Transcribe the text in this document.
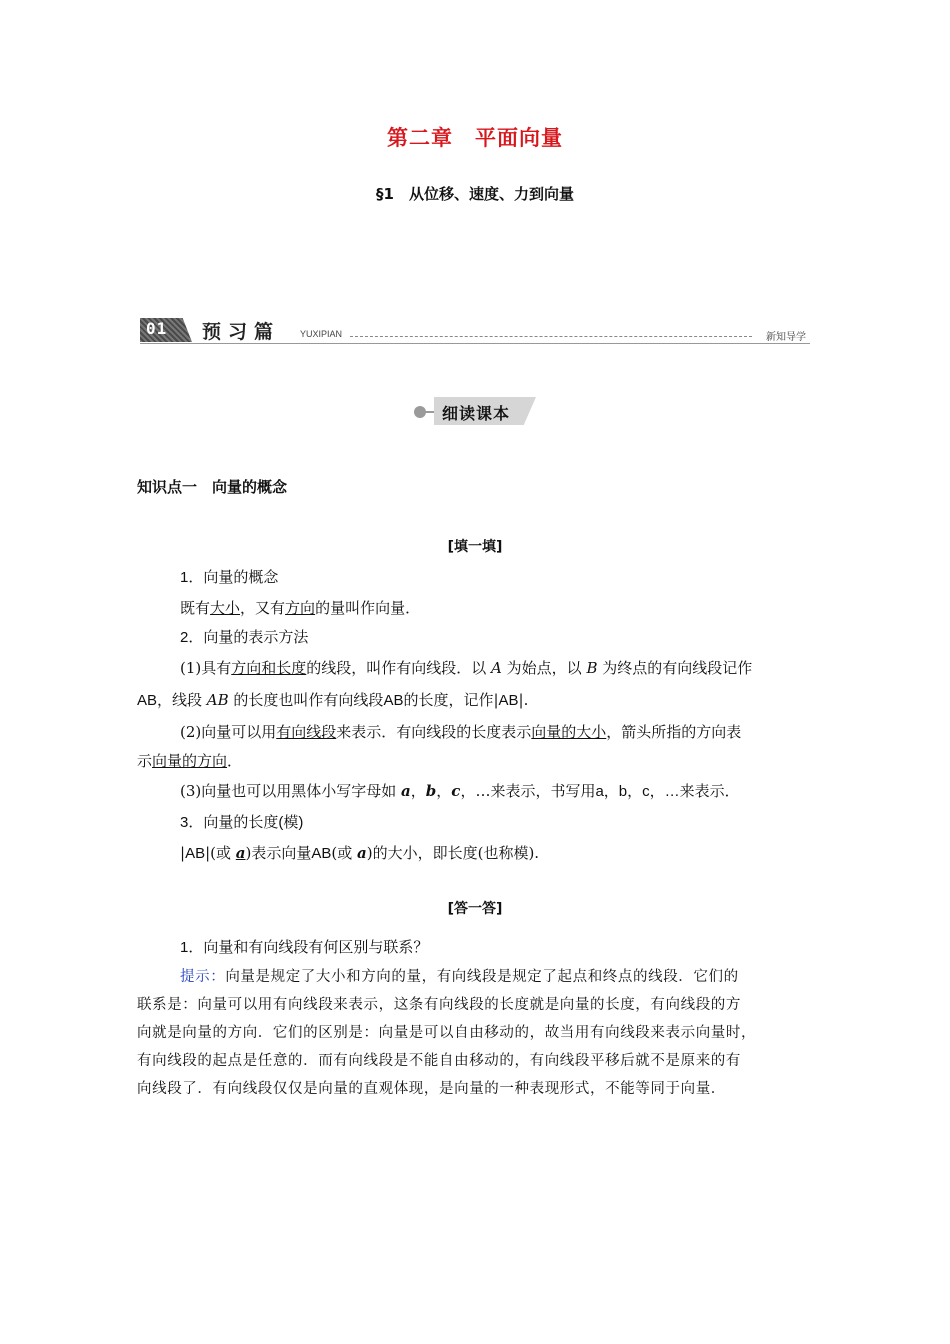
第二章　平面向量
§1　从位移、速度、力到向量
01 预习篇 YUXIPIAN	新知导学
细读课本
知识点一　向量的概念
[填一填]
1．向量的概念
既有大小，又有方向的量叫作向量．
2．向量的表示方法
(1)具有方向和长度的线段，叫作有向线段．以 A 为始点，以 B 为终点的有向线段记作
AB，线段 AB 的长度也叫作有向线段AB的长度，记作|AB|.
(2)向量可以用有向线段来表示．有向线段的长度表示向量的大小，箭头所指的方向表
示向量的方向．
(3)向量也可以用黑体小写字母如 a，b，c，…来表示，书写用a，b，c，…来表示．
3．向量的长度(模)
|AB|(或 a)表示向量AB(或 a)的大小，即长度(也称模).
[答一答]
1．向量和有向线段有何区别与联系？
提示：向量是规定了大小和方向的量，有向线段是规定了起点和终点的线段．它们的
联系是：向量可以用有向线段来表示，这条有向线段的长度就是向量的长度，有向线段的方
向就是向量的方向．它们的区别是：向量是可以自由移动的，故当用有向线段来表示向量时，
有向线段的起点是任意的．而有向线段是不能自由移动的，有向线段平移后就不是原来的有
向线段了．有向线段仅仅是向量的直观体现，是向量的一种表现形式，不能等同于向量．
